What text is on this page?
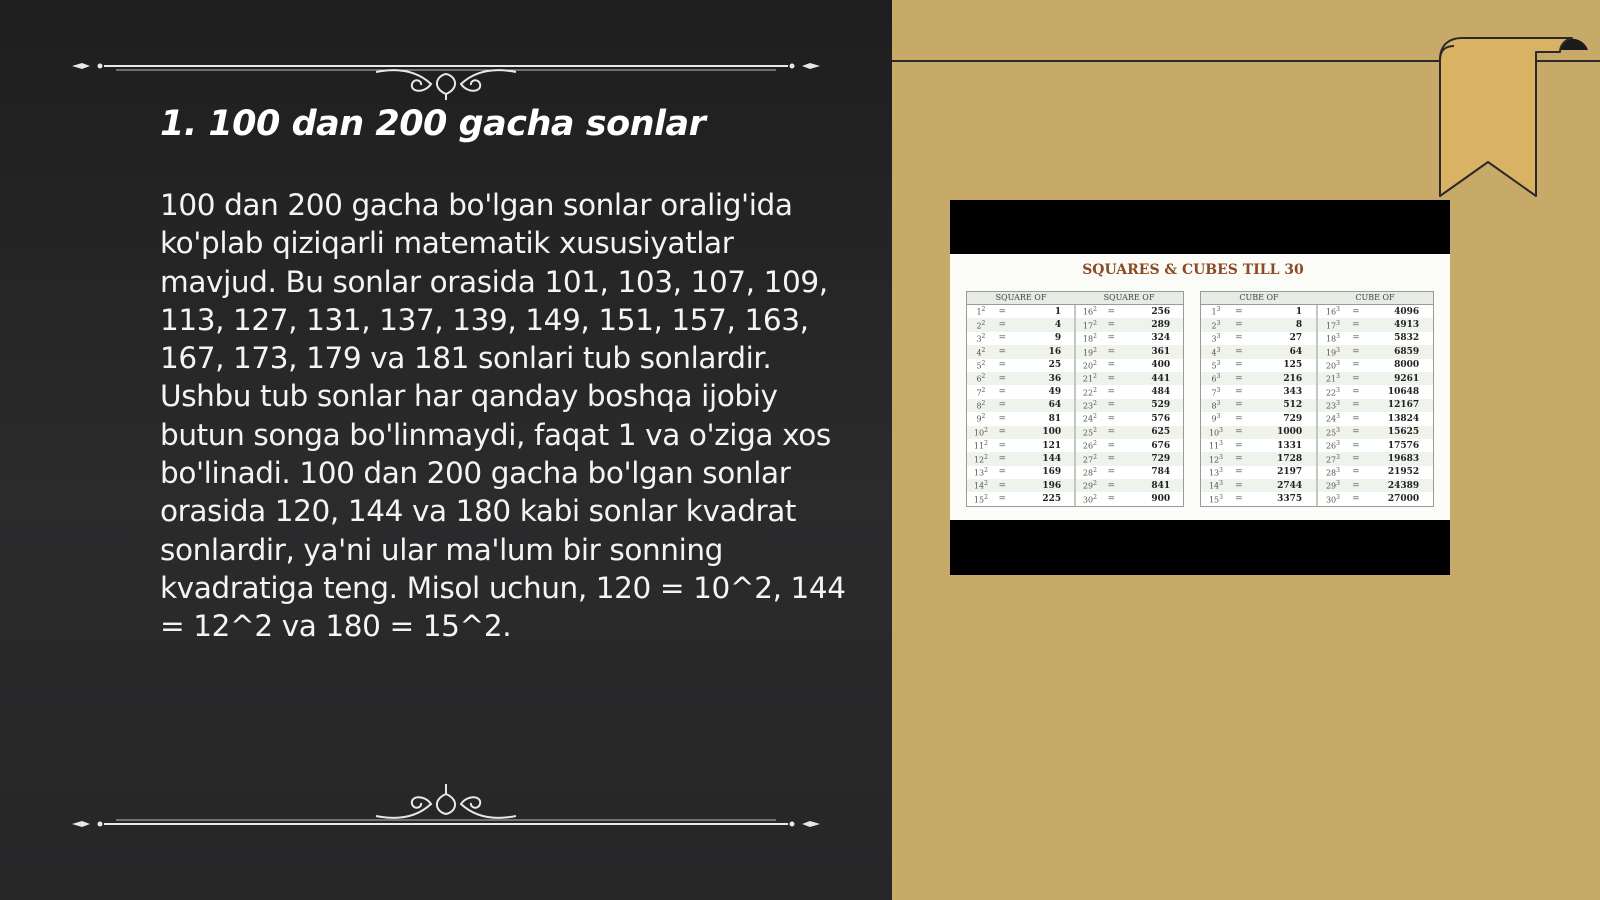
1. 100 dan 200 gacha sonlar

100 dan 200 gacha bo'lgan sonlar oralig'ida ko'plab qiziqarli matematik xususiyatlar mavjud. Bu sonlar orasida 101, 103, 107, 109, 113, 127, 131, 137, 139, 149, 151, 157, 163, 167, 173, 179 va 181 sonlari tub sonlardir. Ushbu tub sonlar har qanday boshqa ijobiy butun songa bo'linmaydi, faqat 1 va o'ziga xos bo'linadi. 100 dan 200 gacha bo'lgan sonlar orasida 120, 144 va 180 kabi sonlar kvadrat sonlardir, ya'ni ular ma'lum bir sonning kvadratiga teng. Misol uchun, 120 = 10^2, 144 = 12^2 va 180 = 15^2.

SQUARES & CUBES TILL 30
SQUARE OF	SQUARE OF
$1^2$	=	1
$2^2$	=	4
$3^2$	=	9
$4^2$	=	16
$5^2$	=	25
$6^2$	=	36
$7^2$	=	49
$8^2$	=	64
$9^2$	=	81
$10^2$	=	100
$11^2$	=	121
$12^2$	=	144
$13^2$	=	169
$14^2$	=	196
$15^2$	=	225
$16^2$	=	256
$17^2$	=	289
$18^2$	=	324
$19^2$	=	361
$20^2$	=	400
$21^2$	=	441
$22^2$	=	484
$23^2$	=	529
$24^2$	=	576
$25^2$	=	625
$26^2$	=	676
$27^2$	=	729
$28^2$	=	784
$29^2$	=	841
$30^2$	=	900
CUBE OF	CUBE OF
$1^3$	=	1
$2^3$	=	8
$3^3$	=	27
$4^3$	=	64
$5^3$	=	125
$6^3$	=	216
$7^3$	=	343
$8^3$	=	512
$9^3$	=	729
$10^3$	=	1000
$11^3$	=	1331
$12^3$	=	1728
$13^3$	=	2197
$14^3$	=	2744
$15^3$	=	3375
$16^3$	=	4096
$17^3$	=	4913
$18^3$	=	5832
$19^3$	=	6859
$20^3$	=	8000
$21^3$	=	9261
$22^3$	=	10648
$23^3$	=	12167
$24^3$	=	13824
$25^3$	=	15625
$26^3$	=	17576
$27^3$	=	19683
$28^3$	=	21952
$29^3$	=	24389
$30^3$	=	27000
